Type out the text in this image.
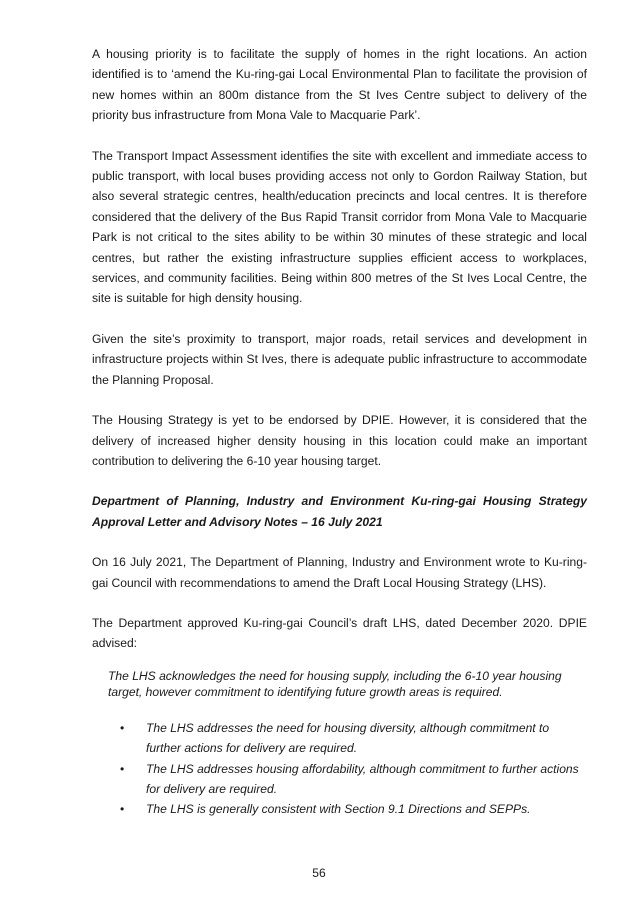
A housing priority is to facilitate the supply of homes in the right locations. An action identified is to ‘amend the Ku-ring-gai Local Environmental Plan to facilitate the provision of new homes within an 800m distance from the St Ives Centre subject to delivery of the priority bus infrastructure from Mona Vale to Macquarie Park’.

The Transport Impact Assessment identifies the site with excellent and immediate access to public transport, with local buses providing access not only to Gordon Railway Station, but also several strategic centres, health/education precincts and local centres. It is therefore considered that the delivery of the Bus Rapid Transit corridor from Mona Vale to Macquarie Park is not critical to the sites ability to be within 30 minutes of these strategic and local centres, but rather the existing infrastructure supplies efficient access to workplaces, services, and community facilities. Being within 800 metres of the St Ives Local Centre, the site is suitable for high density housing.

Given the site’s proximity to transport, major roads, retail services and development in infrastructure projects within St Ives, there is adequate public infrastructure to accommodate the Planning Proposal.

The Housing Strategy is yet to be endorsed by DPIE. However, it is considered that the delivery of increased higher density housing in this location could make an important contribution to delivering the 6-10 year housing target.

Department of Planning, Industry and Environment Ku-ring-gai Housing Strategy Approval Letter and Advisory Notes – 16 July 2021

On 16 July 2021, The Department of Planning, Industry and Environment wrote to Ku-ring-gai Council with recommendations to amend the Draft Local Housing Strategy (LHS).

The Department approved Ku-ring-gai Council’s draft LHS, dated December 2020. DPIE advised:

The LHS acknowledges the need for housing supply, including the 6-10 year housing target, however commitment to identifying future growth areas is required.

• The LHS addresses the need for housing diversity, although commitment to further actions for delivery are required.
• The LHS addresses housing affordability, although commitment to further actions for delivery are required.
• The LHS is generally consistent with Section 9.1 Directions and SEPPs.
56
